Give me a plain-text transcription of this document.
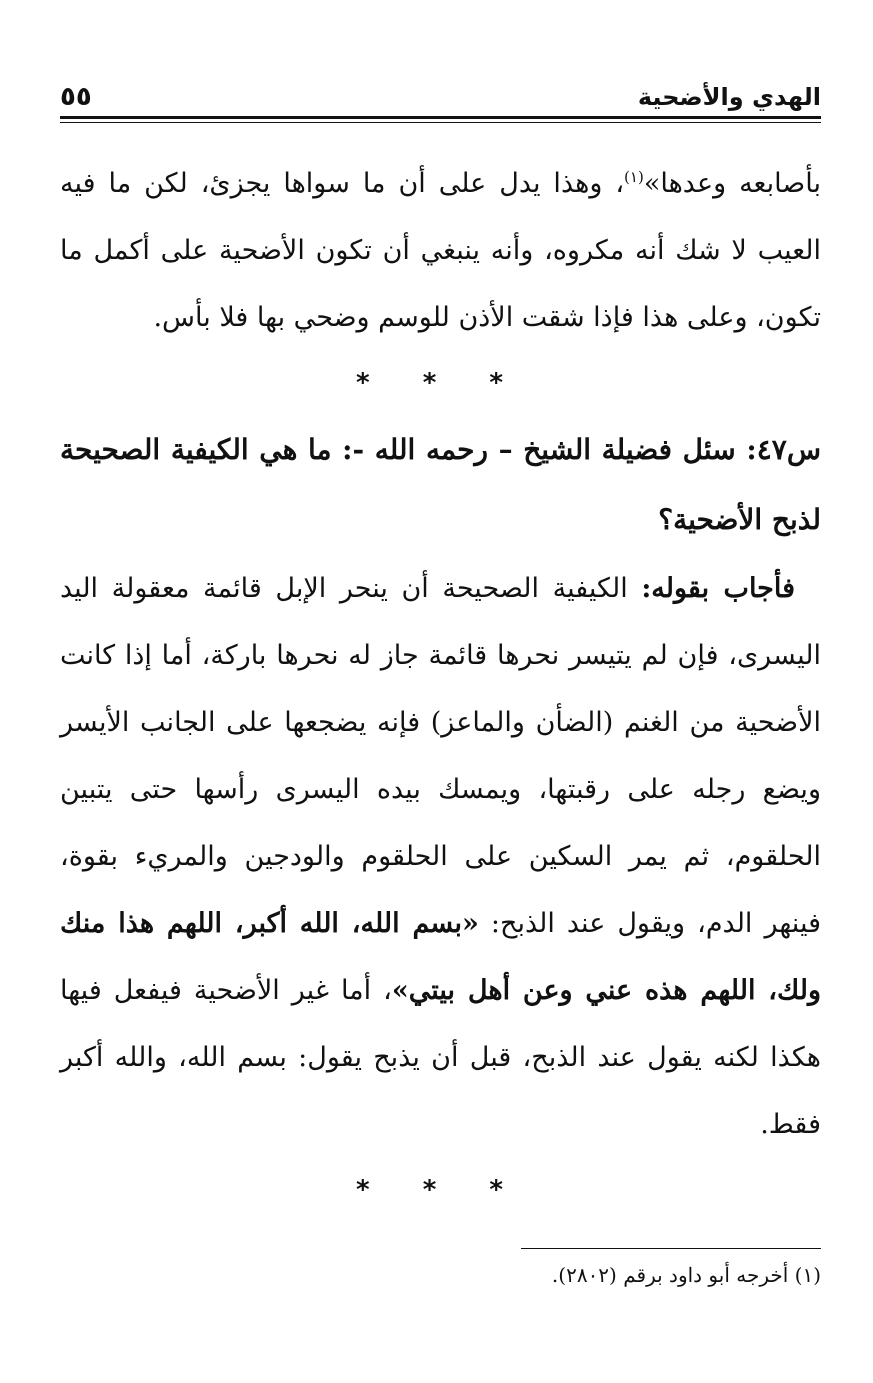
الهدي والأضحية
٥٥

بأصابعه وعدها»$^{(١)}$، وهذا يدل على أن ما سواها يجزئ، لكن ما فيه العيب لا شك أنه مكروه، وأنه ينبغي أن تكون الأضحية على أكمل ما تكون، وعلى هذا فإذا شقت الأذن للوسم وضحي بها فلا بأس.

* * *

س٤٧: سئل فضيلة الشيخ – رحمه الله -: ما هي الكيفية الصحيحة لذبح الأضحية؟

فأجاب بقوله: الكيفية الصحيحة أن ينحر الإبل قائمة معقولة اليد اليسرى، فإن لم يتيسر نحرها قائمة جاز له نحرها باركة، أما إذا كانت الأضحية من الغنم (الضأن والماعز) فإنه يضجعها على الجانب الأيسر ويضع رجله على رقبتها، ويمسك بيده اليسرى رأسها حتى يتبين الحلقوم، ثم يمر السكين على الحلقوم والودجين والمريء بقوة، فينهر الدم، ويقول عند الذبح: «بسم الله، الله أكبر، اللهم هذا منك ولك، اللهم هذه عني وعن أهل بيتي»، أما غير الأضحية فيفعل فيها هكذا لكنه يقول عند الذبح، قبل أن يذبح يقول: بسم الله، والله أكبر فقط.

* * *

(١) أخرجه أبو داود برقم (٢٨٠٢).
